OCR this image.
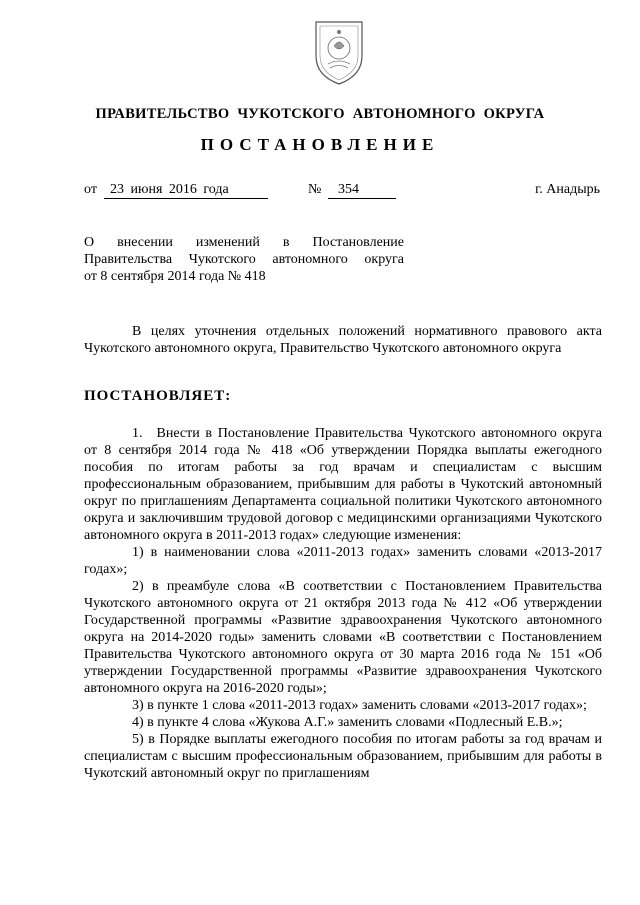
ПРАВИТЕЛЬСТВО ЧУКОТСКОГО АВТОНОМНОГО ОКРУГА
ПОСТАНОВЛЕНИЕ
от 23 июня 2016 года	№	354	г. Анадырь
О внесении изменений в Постановление
Правительства Чукотского автономного округа
от 8 сентября 2014 года № 418

В целях уточнения отдельных положений нормативного правового акта Чукотского автономного округа, Правительство Чукотского автономного округа

ПОСТАНОВЛЯЕТ:

1. Внести в Постановление Правительства Чукотского автономного округа от 8 сентября 2014 года № 418 «Об утверждении Порядка выплаты ежегодного пособия по итогам работы за год врачам и специалистам с высшим профессиональным образованием, прибывшим для работы в Чукотский автономный округ по приглашениям Департамента социальной политики Чукотского автономного округа и заключившим трудовой договор с медицинскими организациями Чукотского автономного округа в 2011-2013 годах» следующие изменения:

1) в наименовании слова «2011-2013 годах» заменить словами «2013-2017 годах»;

2) в преамбуле слова «В соответствии с Постановлением Правительства Чукотского автономного округа от 21 октября 2013 года № 412 «Об утверждении Государственной программы «Развитие здравоохранения Чукотского автономного округа на 2014-2020 годы» заменить словами «В соответствии с Постановлением Правительства Чукотского автономного округа от 30 марта 2016 года № 151 «Об утверждении Государственной программы «Развитие здравоохранения Чукотского автономного округа на 2016-2020 годы»;

3) в пункте 1 слова «2011-2013 годах» заменить словами «2013-2017 годах»;

4) в пункте 4 слова «Жукова А.Г.» заменить словами «Подлесный Е.В.»;

5) в Порядке выплаты ежегодного пособия по итогам работы за год врачам и специалистам с высшим профессиональным образованием, прибывшим для работы в Чукотский автономный округ по приглашениям
